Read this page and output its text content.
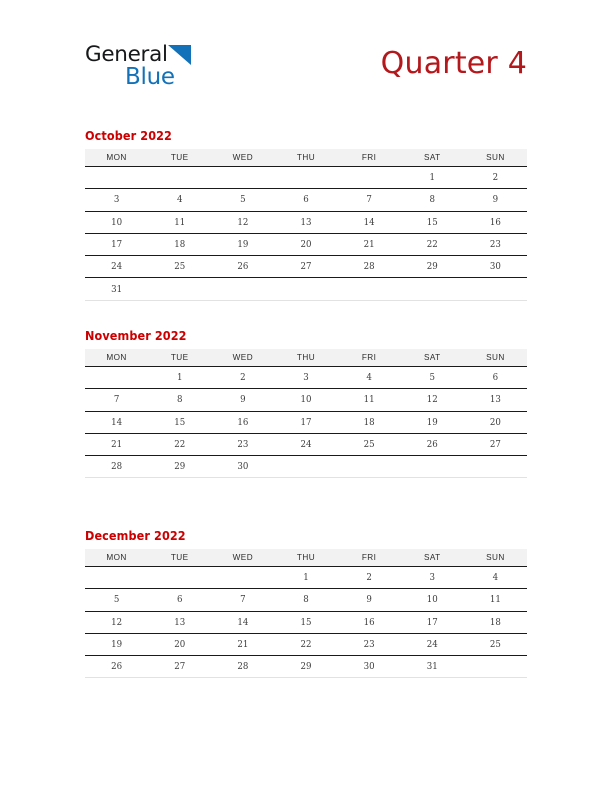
General
Blue	Quarter 4
October 2022
MON	TUE	WED	THU	FRI	SAT	SUN
					1	2
3	4	5	6	7	8	9
10	11	12	13	14	15	16
17	18	19	20	21	22	23
24	25	26	27	28	29	30
31						
November 2022
MON	TUE	WED	THU	FRI	SAT	SUN
	1	2	3	4	5	6
7	8	9	10	11	12	13
14	15	16	17	18	19	20
21	22	23	24	25	26	27
28	29	30				
December 2022
MON	TUE	WED	THU	FRI	SAT	SUN
			1	2	3	4
5	6	7	8	9	10	11
12	13	14	15	16	17	18
19	20	21	22	23	24	25
26	27	28	29	30	31	
